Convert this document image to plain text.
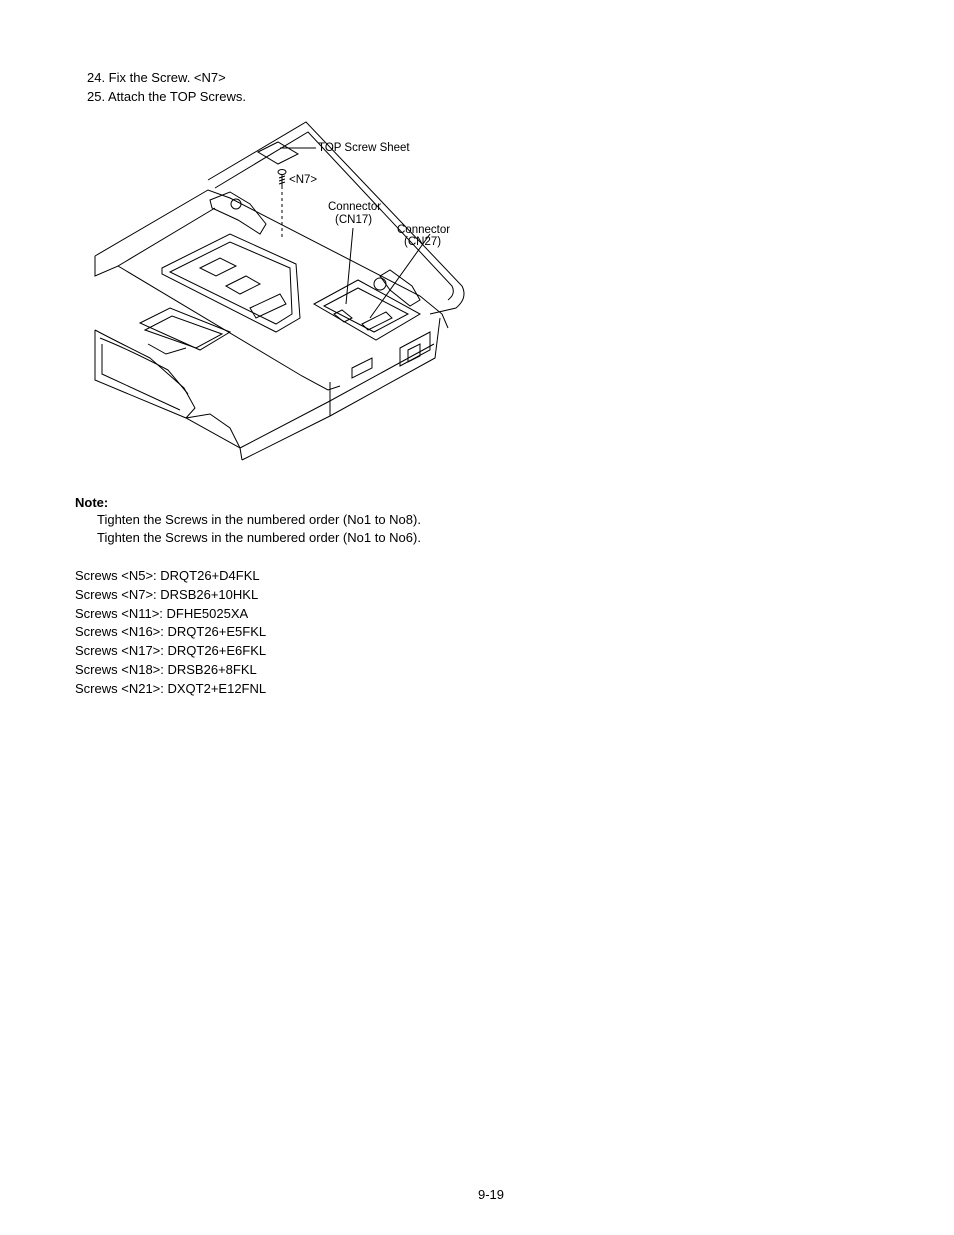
24. Fix the Screw. <N7>
25. Attach the TOP Screws.
TOP Screw Sheet
<N7>
Connector
(CN17)
Connector
(CN27)
Note:
Tighten the Screws in the numbered order (No1 to No8).
Tighten the Screws in the numbered order (No1 to No6).
Screws <N5>: DRQT26+D4FKL
Screws <N7>: DRSB26+10HKL
Screws <N11>: DFHE5025XA
Screws <N16>: DRQT26+E5FKL
Screws <N17>: DRQT26+E6FKL
Screws <N18>: DRSB26+8FKL
Screws <N21>: DXQT2+E12FNL
9-19
